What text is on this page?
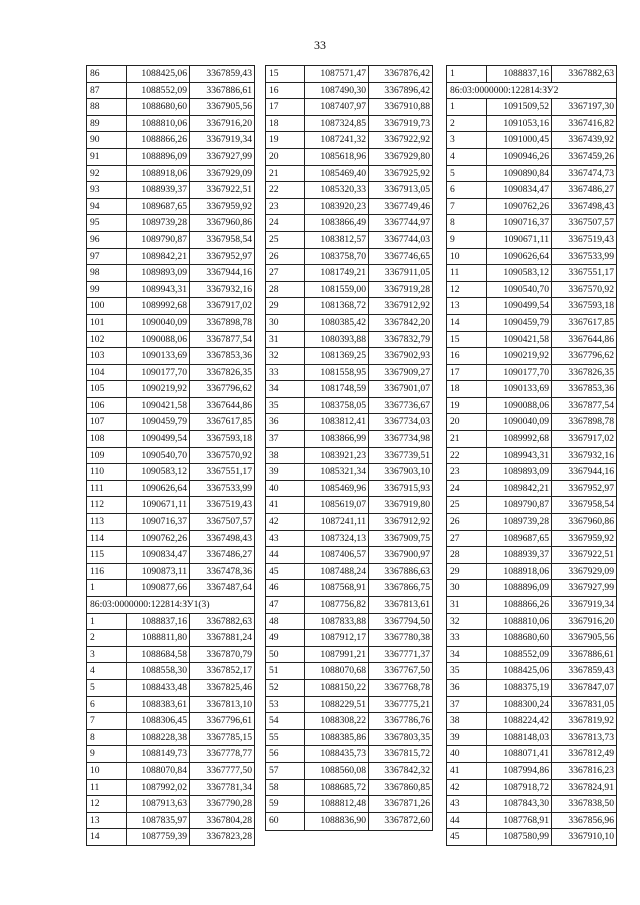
33
86	1088425,06	3367859,43
87	1088552,09	3367886,61
88	1088680,60	3367905,56
89	1088810,06	3367916,20
90	1088866,26	3367919,34
91	1088896,09	3367927,99
92	1088918,06	3367929,09
93	1088939,37	3367922,51
94	1089687,65	3367959,92
95	1089739,28	3367960,86
96	1089790,87	3367958,54
97	1089842,21	3367952,97
98	1089893,09	3367944,16
99	1089943,31	3367932,16
100	1089992,68	3367917,02
101	1090040,09	3367898,78
102	1090088,06	3367877,54
103	1090133,69	3367853,36
104	1090177,70	3367826,35
105	1090219,92	3367796,62
106	1090421,58	3367644,86
107	1090459,79	3367617,85
108	1090499,54	3367593,18
109	1090540,70	3367570,92
110	1090583,12	3367551,17
111	1090626,64	3367533,99
112	1090671,11	3367519,43
113	1090716,37	3367507,57
114	1090762,26	3367498,43
115	1090834,47	3367486,27
116	1090873,11	3367478,36
1	1090877,66	3367487,64
86:03:0000000:122814:ЗУ1(3)		
1	1088837,16	3367882,63
2	1088811,80	3367881,24
3	1088684,58	3367870,79
4	1088558,30	3367852,17
5	1088433,48	3367825,46
6	1088383,61	3367813,10
7	1088306,45	3367796,61
8	1088228,38	3367785,15
9	1088149,73	3367778,77
10	1088070,84	3367777,50
11	1087992,02	3367781,34
12	1087913,63	3367790,28
13	1087835,97	3367804,28
14	1087759,39	3367823,28
15	1087571,47	3367876,42
16	1087490,30	3367896,42
17	1087407,97	3367910,88
18	1087324,85	3367919,73
19	1087241,32	3367922,92
20	1085618,96	3367929,80
21	1085469,40	3367925,92
22	1085320,33	3367913,05
23	1083920,23	3367749,46
24	1083866,49	3367744,97
25	1083812,57	3367744,03
26	1083758,70	3367746,65
27	1081749,21	3367911,05
28	1081559,00	3367919,28
29	1081368,72	3367912,92
30	1080385,42	3367842,20
31	1080393,88	3367832,79
32	1081369,25	3367902,93
33	1081558,95	3367909,27
34	1081748,59	3367901,07
35	1083758,05	3367736,67
36	1083812,41	3367734,03
37	1083866,99	3367734,98
38	1083921,23	3367739,51
39	1085321,34	3367903,10
40	1085469,96	3367915,93
41	1085619,07	3367919,80
42	1087241,11	3367912,92
43	1087324,13	3367909,75
44	1087406,57	3367900,97
45	1087488,24	3367886,63
46	1087568,91	3367866,75
47	1087756,82	3367813,61
48	1087833,88	3367794,50
49	1087912,17	3367780,38
50	1087991,21	3367771,37
51	1088070,68	3367767,50
52	1088150,22	3367768,78
53	1088229,51	3367775,21
54	1088308,22	3367786,76
55	1088385,86	3367803,35
56	1088435,73	3367815,72
57	1088560,08	3367842,32
58	1088685,72	3367860,85
59	1088812,48	3367871,26
60	1088836,90	3367872,60
1	1088837,16	3367882,63
86:03:0000000:122814:ЗУ2		
1	1091509,52	3367197,30
2	1091053,16	3367416,82
3	1091000,45	3367439,92
4	1090946,26	3367459,26
5	1090890,84	3367474,73
6	1090834,47	3367486,27
7	1090762,26	3367498,43
8	1090716,37	3367507,57
9	1090671,11	3367519,43
10	1090626,64	3367533,99
11	1090583,12	3367551,17
12	1090540,70	3367570,92
13	1090499,54	3367593,18
14	1090459,79	3367617,85
15	1090421,58	3367644,86
16	1090219,92	3367796,62
17	1090177,70	3367826,35
18	1090133,69	3367853,36
19	1090088,06	3367877,54
20	1090040,09	3367898,78
21	1089992,68	3367917,02
22	1089943,31	3367932,16
23	1089893,09	3367944,16
24	1089842,21	3367952,97
25	1089790,87	3367958,54
26	1089739,28	3367960,86
27	1089687,65	3367959,92
28	1088939,37	3367922,51
29	1088918,06	3367929,09
30	1088896,09	3367927,99
31	1088866,26	3367919,34
32	1088810,06	3367916,20
33	1088680,60	3367905,56
34	1088552,09	3367886,61
35	1088425,06	3367859,43
36	1088375,19	3367847,07
37	1088300,24	3367831,05
38	1088224,42	3367819,92
39	1088148,03	3367813,73
40	1088071,41	3367812,49
41	1087994,86	3367816,23
42	1087918,72	3367824,91
43	1087843,30	3367838,50
44	1087768,91	3367856,96
45	1087580,99	3367910,10
